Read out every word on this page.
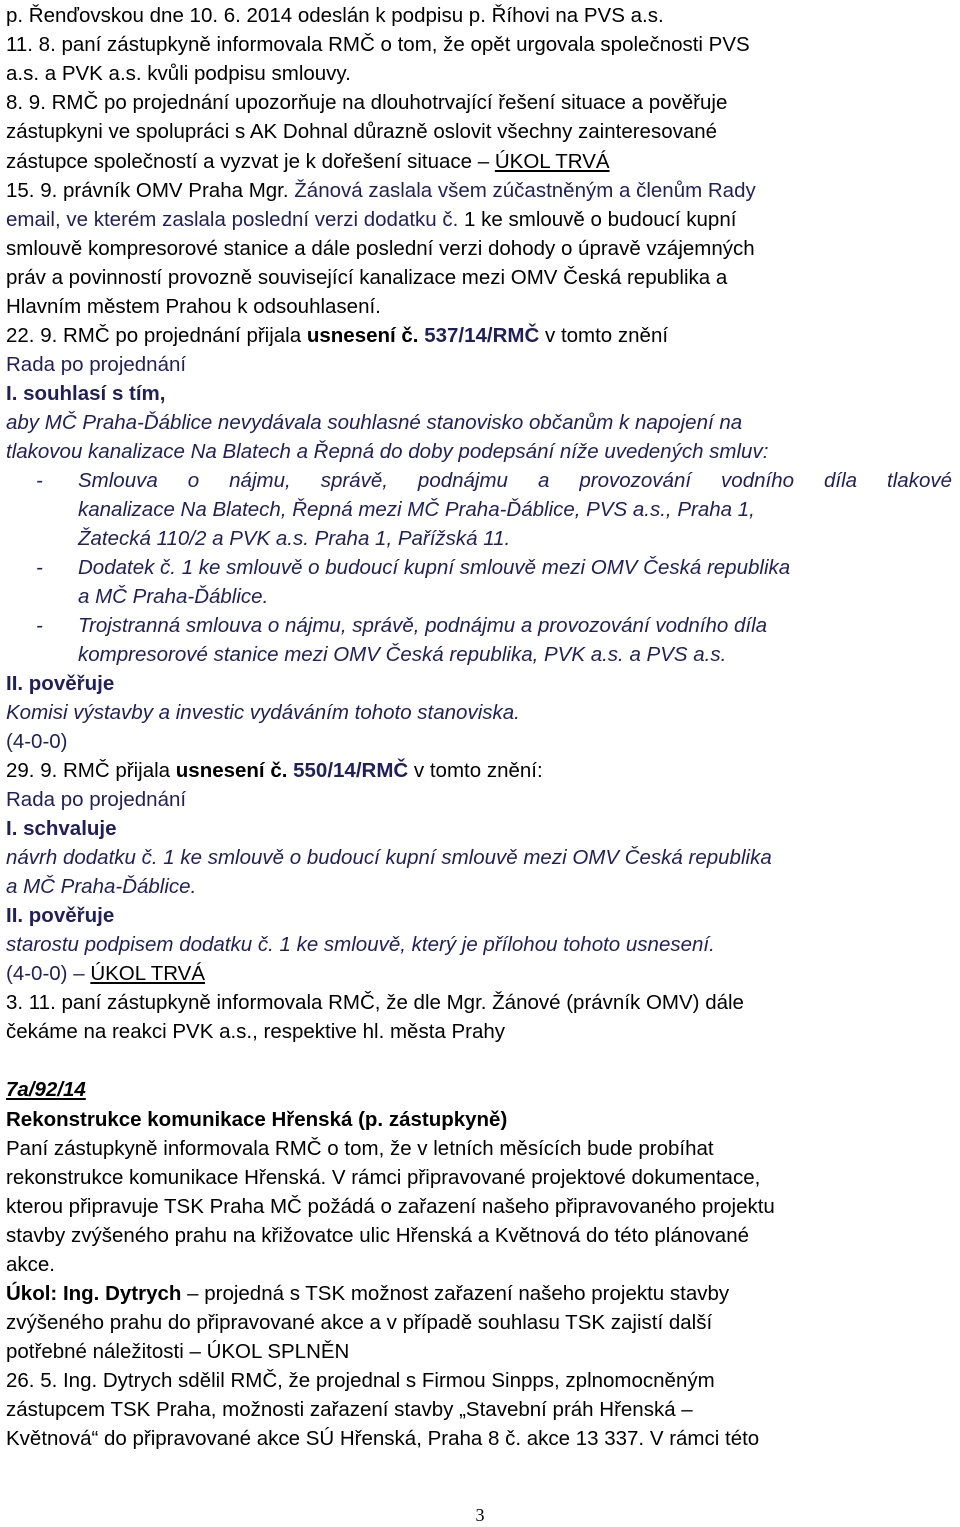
p. Řenďovskou dne 10. 6. 2014 odeslán k podpisu p. Říhovi na PVS a.s.

11. 8. paní zástupkyně informovala RMČ o tom, že opět urgovala společnosti PVS

a.s. a PVK a.s. kvůli podpisu smlouvy.

8. 9. RMČ po projednání upozorňuje na dlouhotrvající řešení situace a pověřuje

zástupkyni ve spolupráci s AK Dohnal důrazně oslovit všechny zainteresované

zástupce společností a vyzvat je k dořešení situace – ÚKOL TRVÁ

15. 9. právník OMV Praha Mgr. Žánová zaslala všem zúčastněným a členům Rady

email, ve kterém zaslala poslední verzi dodatku č. 1 ke smlouvě o budoucí kupní

smlouvě kompresorové stanice a dále poslední verzi dohody o úpravě vzájemných

práv a povinností provozně související kanalizace mezi OMV Česká republika a

Hlavním městem Prahou k odsouhlasení.

22. 9. RMČ po projednání přijala usnesení č. 537/14/RMČ v tomto znění

Rada po projednání

I. souhlasí s tím,

aby MČ Praha-Ďáblice nevydávala souhlasné stanovisko občanům k napojení na

tlakovou kanalizace Na Blatech a Řepná do doby podepsání níže uvedených smluv:

- Smlouva o nájmu, správě, podnájmu a provozování vodního díla tlakové

kanalizace Na Blatech, Řepná mezi MČ Praha-Ďáblice, PVS a.s., Praha 1,

Žatecká 110/2 a PVK a.s. Praha 1, Pařížská 11.

- Dodatek č. 1 ke smlouvě o budoucí kupní smlouvě mezi OMV Česká republika

a MČ Praha-Ďáblice.

- Trojstranná smlouva o nájmu, správě, podnájmu a provozování vodního díla

kompresorové stanice mezi OMV Česká republika, PVK a.s. a PVS a.s.

II. pověřuje

Komisi výstavby a investic vydáváním tohoto stanoviska.

(4-0-0)

29. 9. RMČ přijala usnesení č. 550/14/RMČ v tomto znění:

Rada po projednání

I. schvaluje

návrh dodatku č. 1 ke smlouvě o budoucí kupní smlouvě mezi OMV Česká republika

a MČ Praha-Ďáblice.

II. pověřuje

starostu podpisem dodatku č. 1 ke smlouvě, který je přílohou tohoto usnesení.

(4-0-0) – ÚKOL TRVÁ

3. 11. paní zástupkyně informovala RMČ, že dle Mgr. Žánové (právník OMV) dále

čekáme na reakci PVK a.s., respektive hl. města Prahy

7a/92/14

Rekonstrukce komunikace Hřenská (p. zástupkyně)

Paní zástupkyně informovala RMČ o tom, že v letních měsících bude probíhat

rekonstrukce komunikace Hřenská. V rámci připravované projektové dokumentace,

kterou připravuje TSK Praha MČ požádá o zařazení našeho připravovaného projektu

stavby zvýšeného prahu na křižovatce ulic Hřenská a Květnová do této plánované

akce.

Úkol: Ing. Dytrych – projedná s TSK možnost zařazení našeho projektu stavby

zvýšeného prahu do připravované akce a v případě souhlasu TSK zajistí další

potřebné náležitosti – ÚKOL SPLNĚN

26. 5. Ing. Dytrych sdělil RMČ, že projednal s Firmou Sinpps, zplnomocněným

zástupcem TSK Praha, možnosti zařazení stavby „Stavební práh Hřenská –

Květnová“ do připravované akce SÚ Hřenská, Praha 8 č. akce 13 337. V rámci této

3
